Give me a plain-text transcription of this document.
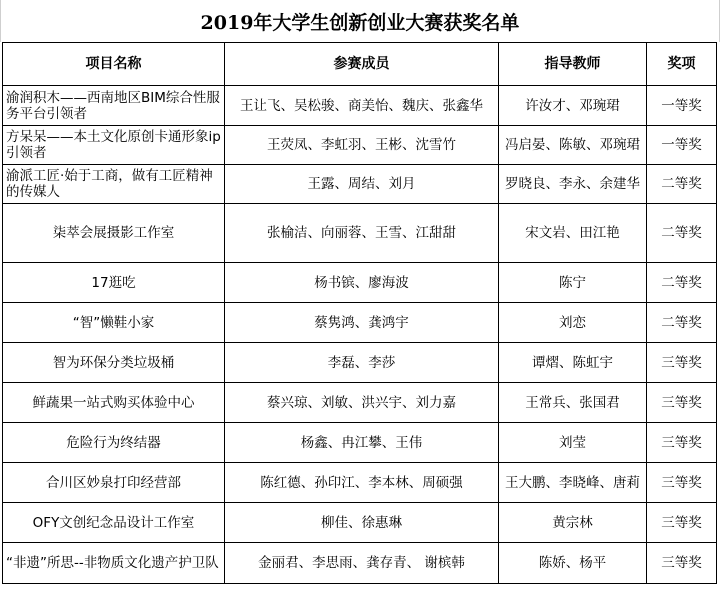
2019年大学生创新创业大赛获奖名单
项目名称	参赛成员	指导教师	奖项
渝润积木——西南地区BIM综合性服务平台引领者	王让飞、吴松骏、商美怡、魏庆、张鑫华	许汝才、邓琬珺	一等奖
方呆呆——本土文化原创卡通形象ip引领者	王荧凤、李虹羽、王彬、沈雪竹	冯启晏、陈敏、邓琬珺	一等奖
渝派工匠·始于工商，做有工匠精神的传媒人	王露、周结、刘月	罗晓良、李永、余建华	二等奖
柒萃会展摄影工作室	张榆洁、向丽蓉、王雪、江甜甜	宋文岩、田江艳	二等奖
17逛吃	杨书镔、廖海波	陈宁	二等奖
“智”懒鞋小家	蔡隽鸿、龚鸿宇	刘恋	二等奖
智为环保分类垃圾桶	李磊、李莎	谭熠、陈虹宇	三等奖
鲜蔬果一站式购买体验中心	蔡兴琼、刘敏、洪兴宇、刘力嘉	王常兵、张国君	三等奖
危险行为终结器	杨鑫、冉江攀、王伟	刘莹	三等奖
合川区妙泉打印经营部	陈红德、孙印江、李本林、周硕强	王大鹏、李晓峰、唐莉	三等奖
OFY文创纪念品设计工作室	柳佳、徐惠琳	黄宗林	三等奖
“非遗”所思--非物质文化遗产护卫队	金丽君、李思雨、龚存青、 谢槟韩	陈娇、杨平	三等奖
